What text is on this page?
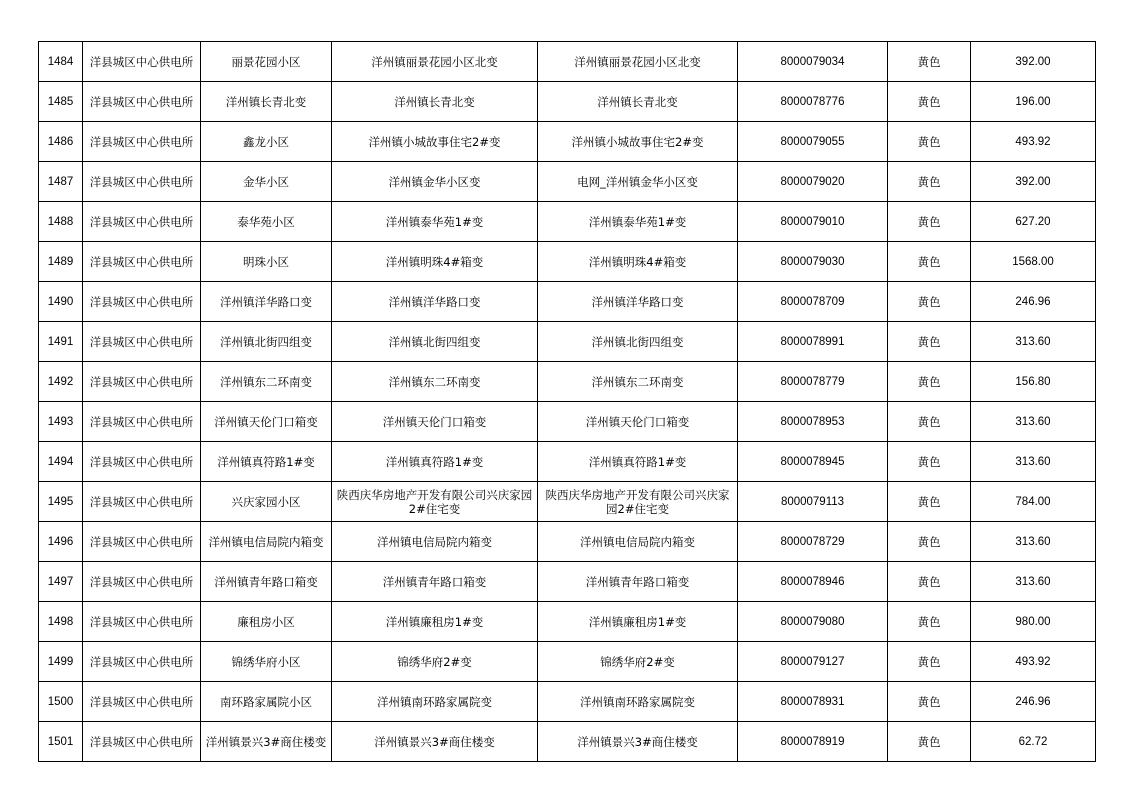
1484	洋县城区中心供电所	丽景花园小区	洋州镇丽景花园小区北变	洋州镇丽景花园小区北变	8000079034	黄色	392.00
1485	洋县城区中心供电所	洋州镇长青北变	洋州镇长青北变	洋州镇长青北变	8000078776	黄色	196.00
1486	洋县城区中心供电所	鑫龙小区	洋州镇小城故事住宅2#变	洋州镇小城故事住宅2#变	8000079055	黄色	493.92
1487	洋县城区中心供电所	金华小区	洋州镇金华小区变	电网_洋州镇金华小区变	8000079020	黄色	392.00
1488	洋县城区中心供电所	泰华苑小区	洋州镇泰华苑1#变	洋州镇泰华苑1#变	8000079010	黄色	627.20
1489	洋县城区中心供电所	明珠小区	洋州镇明珠4#箱变	洋州镇明珠4#箱变	8000079030	黄色	1568.00
1490	洋县城区中心供电所	洋州镇洋华路口变	洋州镇洋华路口变	洋州镇洋华路口变	8000078709	黄色	246.96
1491	洋县城区中心供电所	洋州镇北街四组变	洋州镇北街四组变	洋州镇北街四组变	8000078991	黄色	313.60
1492	洋县城区中心供电所	洋州镇东二环南变	洋州镇东二环南变	洋州镇东二环南变	8000078779	黄色	156.80
1493	洋县城区中心供电所	洋州镇天伦门口箱变	洋州镇天伦门口箱变	洋州镇天伦门口箱变	8000078953	黄色	313.60
1494	洋县城区中心供电所	洋州镇真符路1#变	洋州镇真符路1#变	洋州镇真符路1#变	8000078945	黄色	313.60
1495	洋县城区中心供电所	兴庆家园小区	陕西庆华房地产开发有限公司兴庆家园2#住宅变	陕西庆华房地产开发有限公司兴庆家园2#住宅变	8000079113	黄色	784.00
1496	洋县城区中心供电所	洋州镇电信局院内箱变	洋州镇电信局院内箱变	洋州镇电信局院内箱变	8000078729	黄色	313.60
1497	洋县城区中心供电所	洋州镇青年路口箱变	洋州镇青年路口箱变	洋州镇青年路口箱变	8000078946	黄色	313.60
1498	洋县城区中心供电所	廉租房小区	洋州镇廉租房1#变	洋州镇廉租房1#变	8000079080	黄色	980.00
1499	洋县城区中心供电所	锦绣华府小区	锦绣华府2#变	锦绣华府2#变	8000079127	黄色	493.92
1500	洋县城区中心供电所	南环路家属院小区	洋州镇南环路家属院变	洋州镇南环路家属院变	8000078931	黄色	246.96
1501	洋县城区中心供电所	洋州镇景兴3#商住楼变	洋州镇景兴3#商住楼变	洋州镇景兴3#商住楼变	8000078919	黄色	62.72
